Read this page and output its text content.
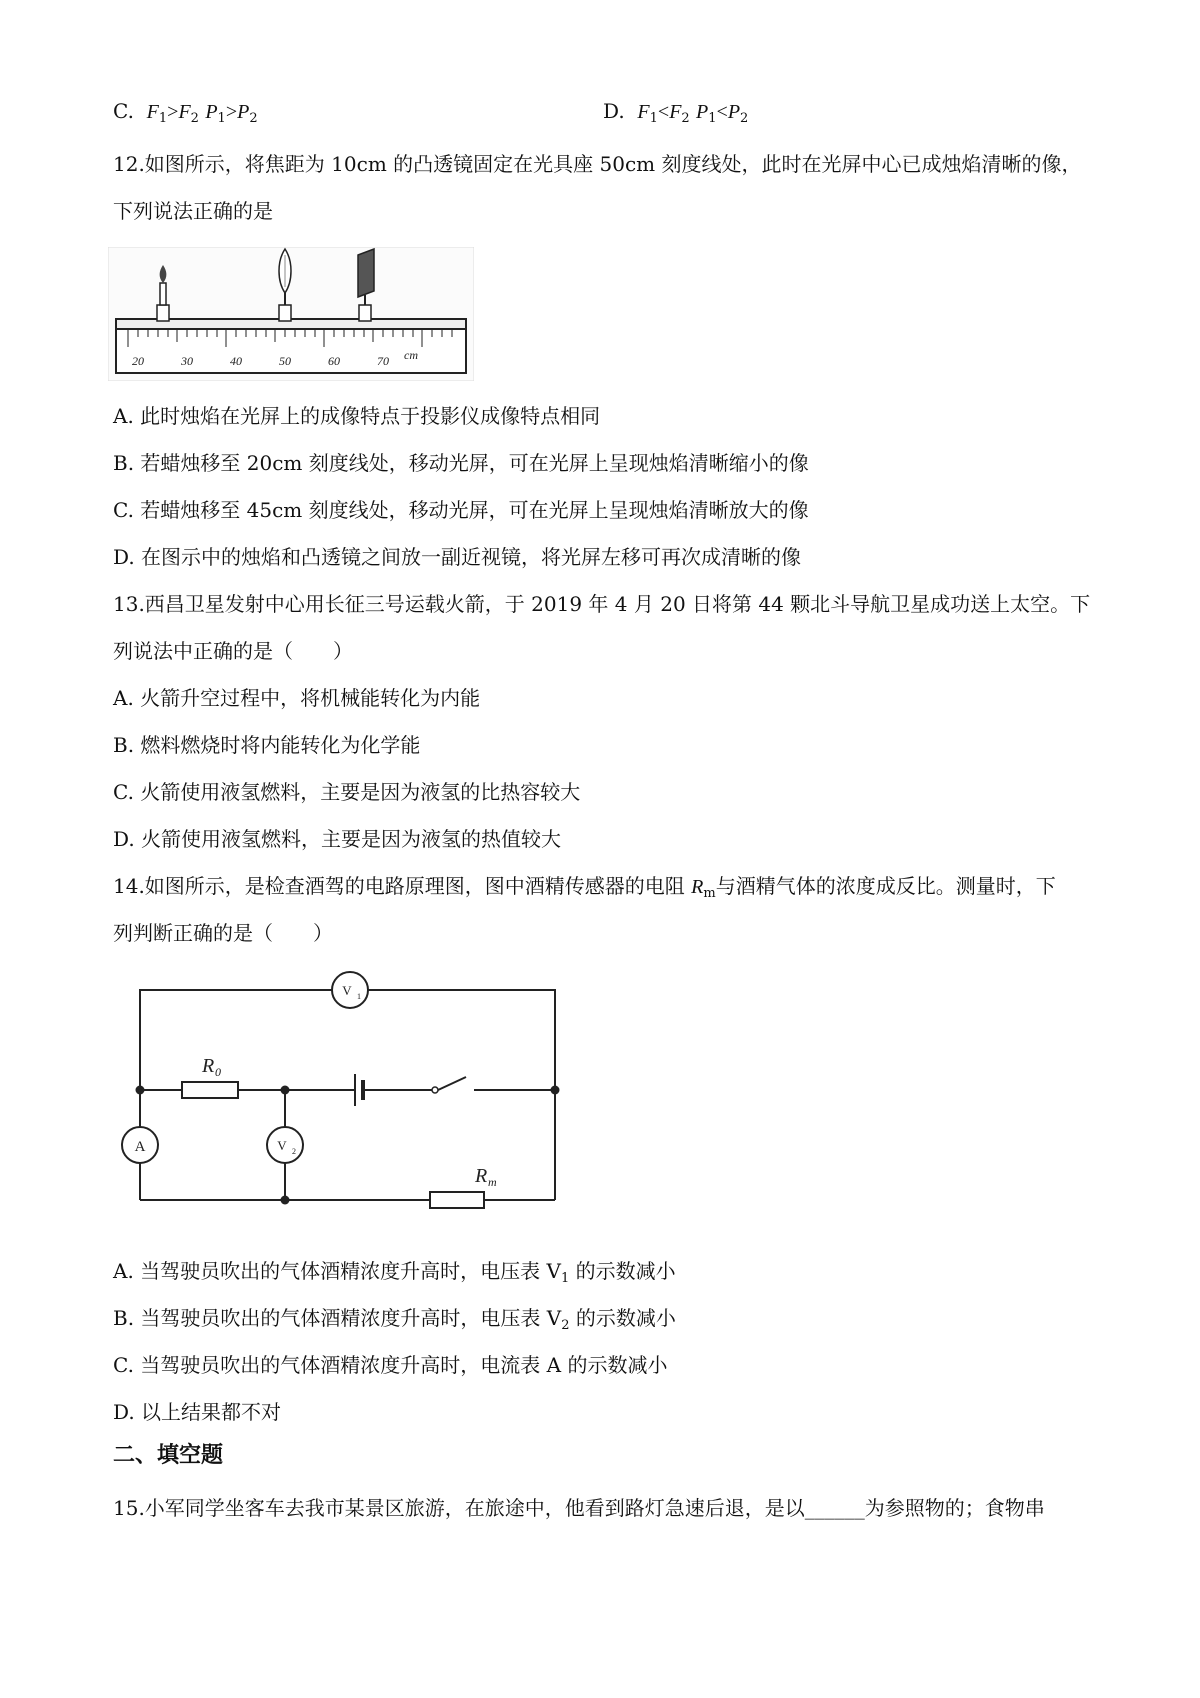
C. $F_1>F_2$ $P_1>P_2$	D. $F_1<F_2$ $P_1<P_2$
12.如图所示，将焦距为 10cm 的凸透镜固定在光具座 50cm 刻度线处，此时在光屏中心已成烛焰清晰的像，
下列说法正确的是
20	30	40	50	60	70 cm
A. 此时烛焰在光屏上的成像特点于投影仪成像特点相同
B. 若蜡烛移至 20cm 刻度线处，移动光屏，可在光屏上呈现烛焰清晰缩小的像
C. 若蜡烛移至 45cm 刻度线处，移动光屏，可在光屏上呈现烛焰清晰放大的像
D. 在图示中的烛焰和凸透镜之间放一副近视镜，将光屏左移可再次成清晰的像
13.西昌卫星发射中心用长征三号运载火箭，于 2019 年 4 月 20 日将第 44 颗北斗导航卫星成功送上太空。下
列说法中正确的是（　　）
A. 火箭升空过程中，将机械能转化为内能
B. 燃料燃烧时将内能转化为化学能
C. 火箭使用液氢燃料，主要是因为液氢的比热容较大
D. 火箭使用液氢燃料，主要是因为液氢的热值较大
14.如图所示，是检查酒驾的电路原理图，图中酒精传感器的电阻 $R_m$与酒精气体的浓度成反比。测量时，下
列判断正确的是（　　）
V 1
A	V 2
R 0
R m
A. 当驾驶员吹出的气体酒精浓度升高时，电压表 $V_1$ 的示数减小
B. 当驾驶员吹出的气体酒精浓度升高时，电压表 $V_2$ 的示数减小
C. 当驾驶员吹出的气体酒精浓度升高时，电流表 A 的示数减小
D. 以上结果都不对
二、填空题
15.小军同学坐客车去我市某景区旅游，在旅途中，他看到路灯急速后退，是以______为参照物的；食物串
